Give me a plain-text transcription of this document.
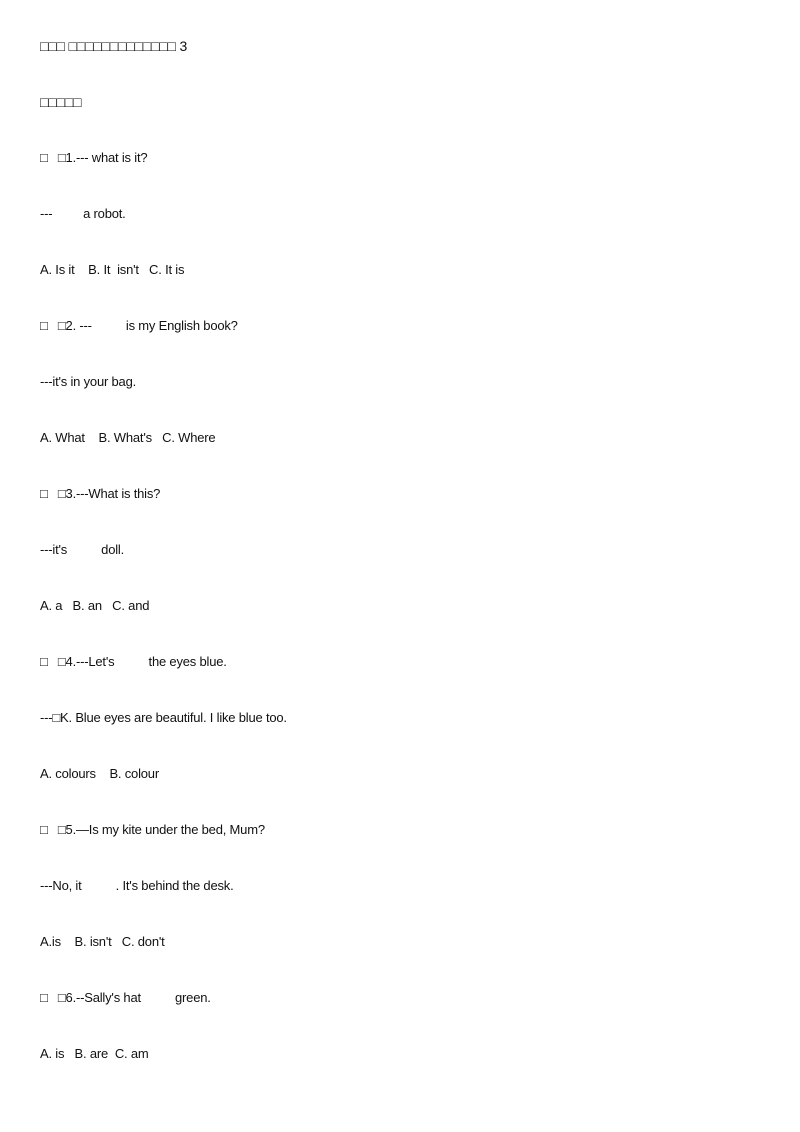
□□□ □□□□□□□□□□□□□ 3
□□□□□
□   □1.--- what is it?
---         a robot.
A. Is it    B. It  isn't   C. It is
□   □2. ---          is my English book?
---it's in your bag.
A. What    B. What's   C. Where
□   □3.---What is this?
---it's          doll.
A. a   B. an   C. and
□   □4.---Let's          the eyes blue.
---□K. Blue eyes are beautiful. I like blue too.
A. colours    B. colour
□   □5.—Is my kite under the bed, Mum?
---No, it          . It's behind the desk.
A.is    B. isn't   C. don't
□   □6.--Sally's hat          green.
A. is   B. are  C. am
